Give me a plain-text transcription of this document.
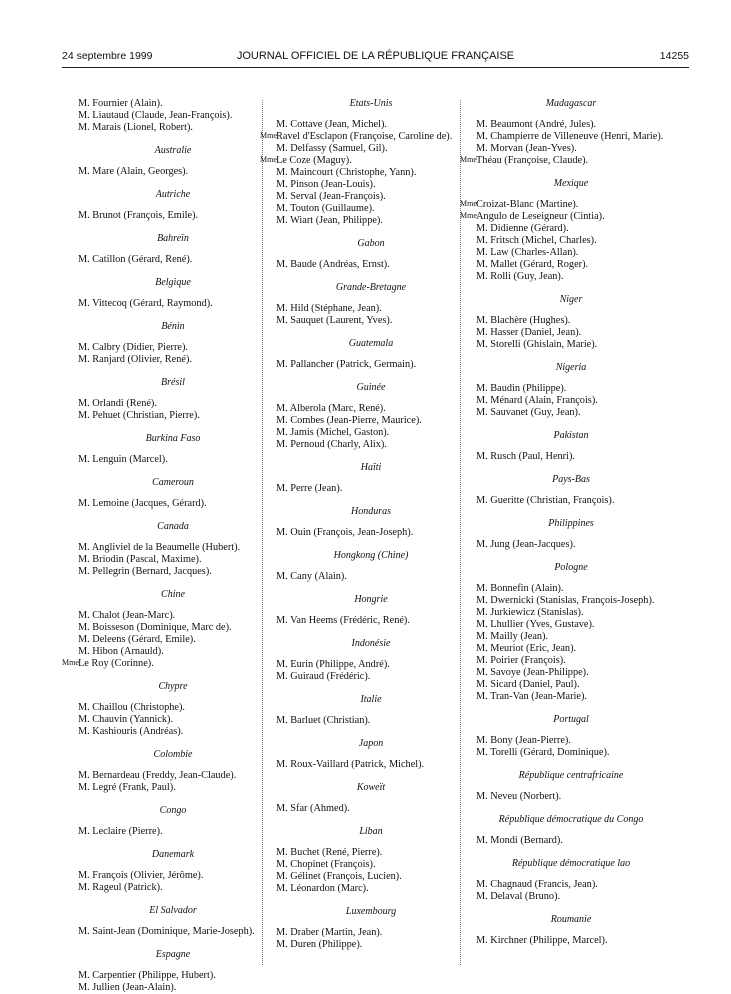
24 septembre 1999	JOURNAL OFFICIEL DE LA RÉPUBLIQUE FRANÇAISE	14255

M. Fournier (Alain).

M. Liautaud (Claude, Jean-François).

M. Marais (Lionel, Robert).

Australie

M. Mare (Alain, Georges).

Autriche

M. Brunot (François, Emile).

Bahreïn

M. Catillon (Gérard, René).

Belgique

M. Vittecoq (Gérard, Raymond).

Bénin

M. Calbry (Didier, Pierre).

M. Ranjard (Olivier, René).

Brésil

M. Orlandi (René).

M. Pehuet (Christian, Pierre).

Burkina Faso

M. Lenguin (Marcel).

Cameroun

M. Lemoine (Jacques, Gérard).

Canada

M. Angliviel de la Beaumelle (Hubert).

M. Briodin (Pascal, Maxime).

M. Pellegrin (Bernard, Jacques).

Chine

M. Chalot (Jean-Marc).

M. Boisseson (Dominique, Marc de).

M. Deleens (Gérard, Emile).

M. Hibon (Arnauld).

Mme Le Roy (Corinne).

Chypre

M. Chaillou (Christophe).

M. Chauvin (Yannick).

M. Kashiouris (Andréas).

Colombie

M. Bernardeau (Freddy, Jean-Claude).

M. Legré (Frank, Paul).

Congo

M. Leclaire (Pierre).

Danemark

M. François (Olivier, Jérôme).

M. Rageul (Patrick).

El Salvador

M. Saint-Jean (Dominique, Marie-Joseph).

Espagne

M. Carpentier (Philippe, Hubert).

M. Jullien (Jean-Alain).

Etats-Unis

M. Cottave (Jean, Michel).

Mme Ravel d'Esclapon (Françoise, Caroline de).

M. Delfassy (Samuel, Gil).

Mme Le Coze (Maguy).

M. Maincourt (Christophe, Yann).

M. Pinson (Jean-Louis).

M. Serval (Jean-François).

M. Touton (Guillaume).

M. Wiart (Jean, Philippe).

Gabon

M. Baude (Andréas, Ernst).

Grande-Bretagne

M. Hild (Stéphane, Jean).

M. Sauquet (Laurent, Yves).

Guatemala

M. Pallancher (Patrick, Germain).

Guinée

M. Alberola (Marc, René).

M. Combes (Jean-Pierre, Maurice).

M. Jamis (Michel, Gaston).

M. Pernoud (Charly, Alix).

Haïti

M. Perre (Jean).

Honduras

M. Ouin (François, Jean-Joseph).

Hongkong (Chine)

M. Cany (Alain).

Hongrie

M. Van Heems (Frédéric, René).

Indonésie

M. Eurin (Philippe, André).

M. Guiraud (Frédéric).

Italie

M. Barluet (Christian).

Japon

M. Roux-Vaillard (Patrick, Michel).

Koweït

M. Sfar (Ahmed).

Liban

M. Buchet (René, Pierre).

M. Chopinet (François).

M. Gélinet (François, Lucien).

M. Léonardon (Marc).

Luxembourg

M. Draber (Martin, Jean).

M. Duren (Philippe).

Madagascar

M. Beaumont (André, Jules).

M. Champierre de Villeneuve (Henri, Marie).

M. Morvan (Jean-Yves).

Mme Théau (Françoise, Claude).

Mexique

Mme Croizat-Blanc (Martine).

Mme Angulo de Leseigneur (Cintia).

M. Didienne (Gérard).

M. Fritsch (Michel, Charles).

M. Law (Charles-Allan).

M. Mallet (Gérard, Roger).

M. Rolli (Guy, Jean).

Niger

M. Blachère (Hughes).

M. Hasser (Daniel, Jean).

M. Storelli (Ghislain, Marie).

Nigeria

M. Baudin (Philippe).

M. Ménard (Alain, François).

M. Sauvanet (Guy, Jean).

Pakistan

M. Rusch (Paul, Henri).

Pays-Bas

M. Gueritte (Christian, François).

Philippines

M. Jung (Jean-Jacques).

Pologne

M. Bonnefin (Alain).

M. Dwernicki (Stanislas, François-Joseph).

M. Jurkiewicz (Stanislas).

M. Lhullier (Yves, Gustave).

M. Mailly (Jean).

M. Meuriot (Eric, Jean).

M. Poirier (François).

M. Savoye (Jean-Philippe).

M. Sicard (Daniel, Paul).

M. Tran-Van (Jean-Marie).

Portugal

M. Bony (Jean-Pierre).

M. Torelli (Gérard, Dominique).

République centrafricaine

M. Neveu (Norbert).

République démocratique du Congo

M. Mondi (Bernard).

République démocratique lao

M. Chagnaud (Francis, Jean).

M. Delaval (Bruno).

Roumanie

M. Kirchner (Philippe, Marcel).
